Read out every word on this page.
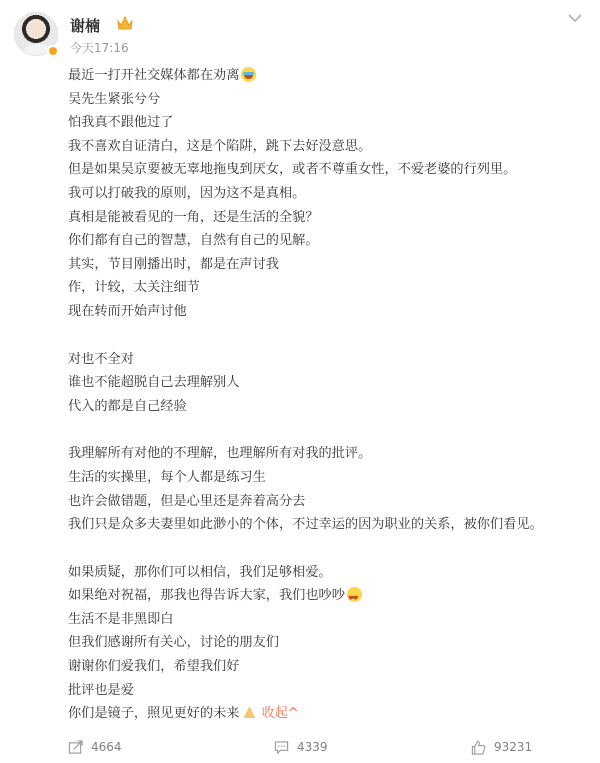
谢楠
今天17:16
最近一打开社交媒体都在劝离
吴先生紧张兮兮
怕我真不跟他过了
我不喜欢自证清白，这是个陷阱，跳下去好没意思。
但是如果吴京要被无辜地拖曳到厌女，或者不尊重女性，不爱老婆的行列里。
我可以打破我的原则，因为这不是真相。
真相是能被看见的一角，还是生活的全貌？
你们都有自己的智慧，自然有自己的见解。
其实，节目刚播出时，都是在声讨我
作，计较，太关注细节
现在转而开始声讨他
对也不全对
谁也不能超脱自己去理解别人
代入的都是自己经验
我理解所有对他的不理解，也理解所有对我的批评。
生活的实操里，每个人都是练习生
也许会做错题，但是心里还是奔着高分去
我们只是众多夫妻里如此渺小的个体，不过幸运的因为职业的关系，被你们看见。
如果质疑，那你们可以相信，我们足够相爱。
如果绝对祝福，那我也得告诉大家，我们也吵吵♥ ♥
生活不是非黑即白
但我们感谢所有关心，讨论的朋友们
谢谢你们爱我们，希望我们好
批评也是爱
你们是镜子，照见更好的未来 收起^
4664	4339	93231
